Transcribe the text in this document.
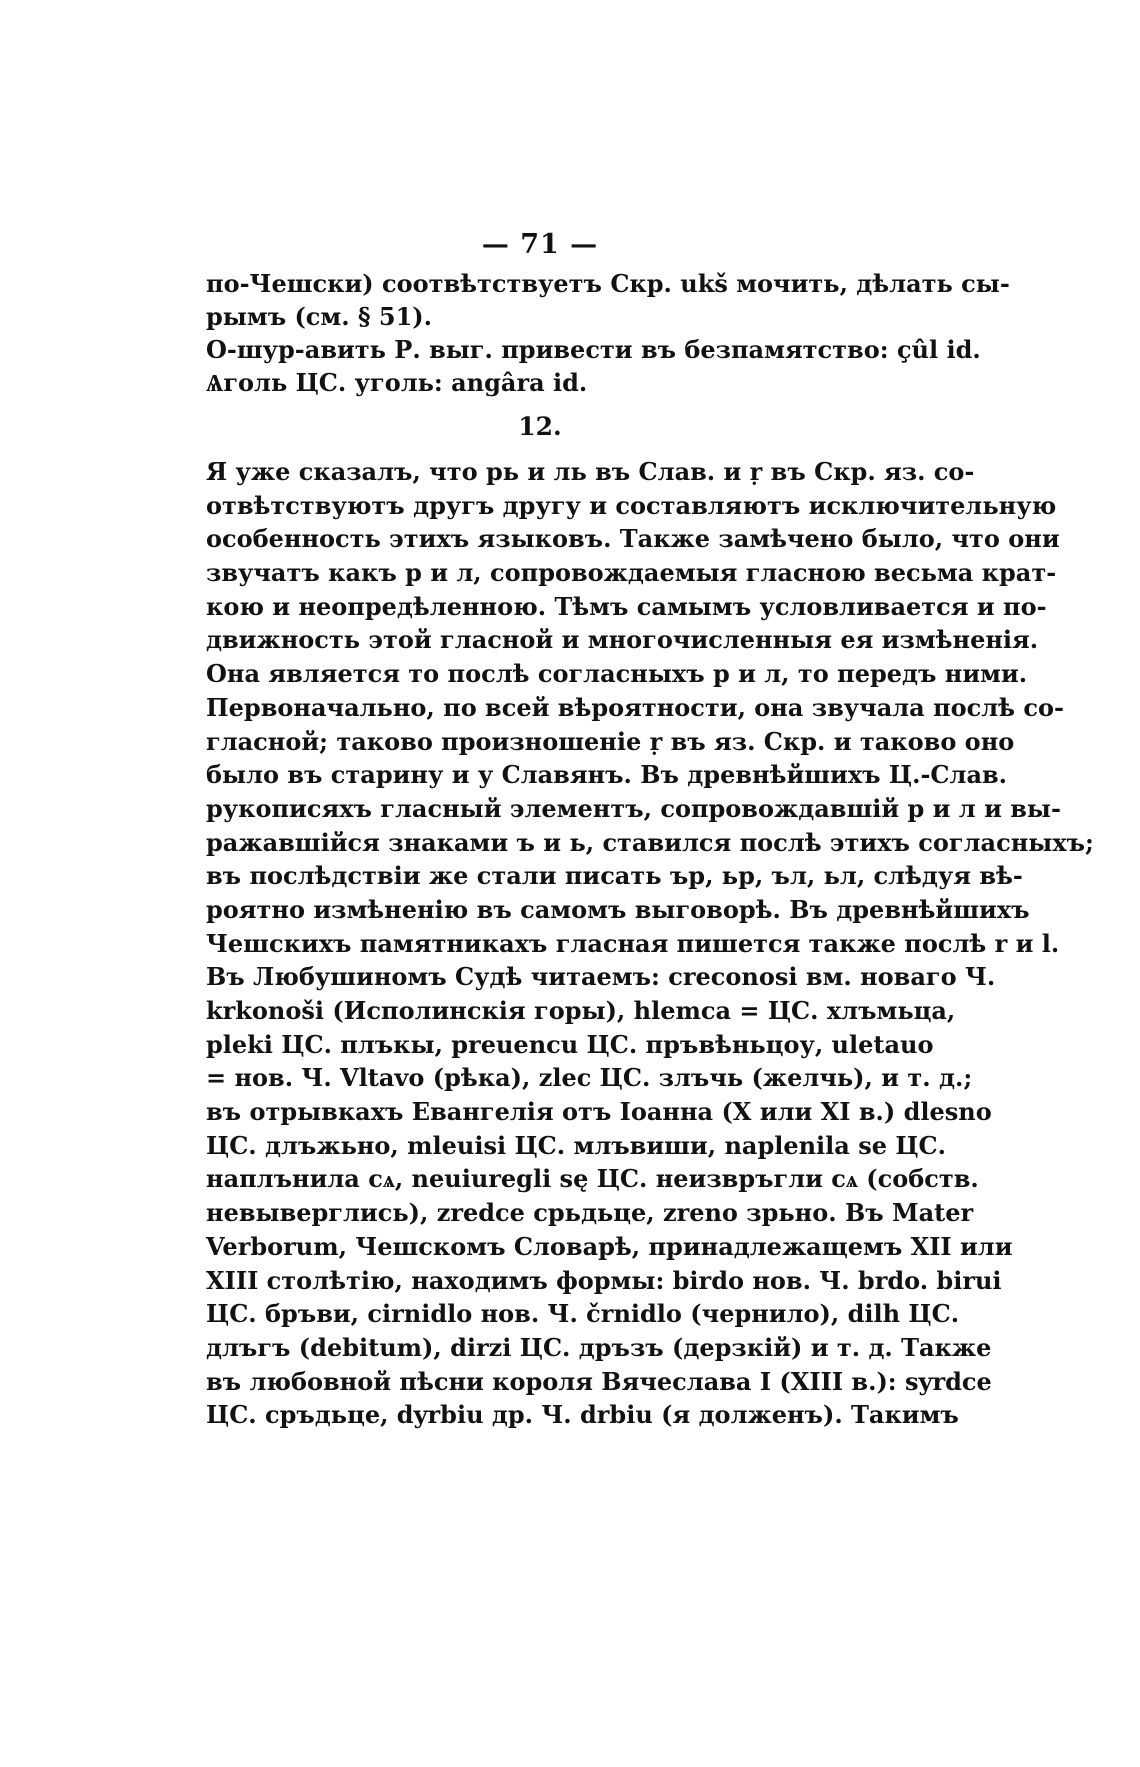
— 71 —
по-Чешски) соотвѣтствуетъ Скр. ukš мочить, дѣлать сы-
рымъ (см. § 51).
О-шур-авить Р. выг. привести въ безпамятство: çûl id.
Ѧголь ЦС. уголь: angâra id.
12.
Я уже сказалъ, что рь и ль въ Слав. и ṛ въ Скр. яз. со-
отвѣтствуютъ другъ другу и составляютъ исключительную
особенность этихъ языковъ. Также замѣчено было, что они
звучатъ какъ р и л, сопровождаемыя гласною весьма крат-
кою и неопредѣленною. Тѣмъ самымъ условливается и по-
движность этой гласной и многочисленныя ея измѣненія.
Она является то послѣ согласныхъ р и л, то передъ ними.
Первоначально, по всей вѣроятности, она звучала послѣ со-
гласной; таково произношеніе ṛ въ яз. Скр. и таково оно
было въ старину и у Славянъ. Въ древнѣйшихъ Ц.-Слав.
рукописяхъ гласный элементъ, сопровождавшій р и л и вы-
ражавшійся знаками ъ и ь, ставился послѣ этихъ согласныхъ;
въ послѣдствіи же стали писать ър, ьр, ъл, ьл, слѣдуя вѣ-
роятно измѣненію въ самомъ выговорѣ. Въ древнѣйшихъ
Чешскихъ памятникахъ гласная пишется также послѣ r и l.
Въ Любушиномъ Судѣ читаемъ: creconosi вм. новаго Ч.
krkonoši (Исполинскія горы), hlemca = ЦС. хлъмьца,
pleki ЦС. плъкы, preuencu ЦС. пръвѣньцоу, uletauo
= нов. Ч. Vltavo (рѣка), zlec ЦС. злъчь (желчь), и т. д.;
въ отрывкахъ Евангелія отъ Іоанна (X или XI в.) dlesno
ЦС. длъжьно, mleuisi ЦС. млъвиши, naplenila se ЦС.
наплънила сѧ, neuiuregli sę ЦС. неизвръгли сѧ (собств.
невыверглись), zredce срьдьце, zreno зрьно. Въ Mater
Verborum, Чешскомъ Словарѣ, принадлежащемъ XII или
XIII столѣтію, находимъ формы: birdo нов. Ч. brdo. birui
ЦС. бръви, cirnidlo нов. Ч. črnidlo (чернило), dilh ЦС.
длъгъ (debitum), dirzi ЦС. дръзъ (дерзкій) и т. д. Также
въ любовной пѣсни короля Вячеслава I (XIII в.): syrdce
ЦС. сръдьце, dyrbiu др. Ч. drbiu (я долженъ). Такимъ
